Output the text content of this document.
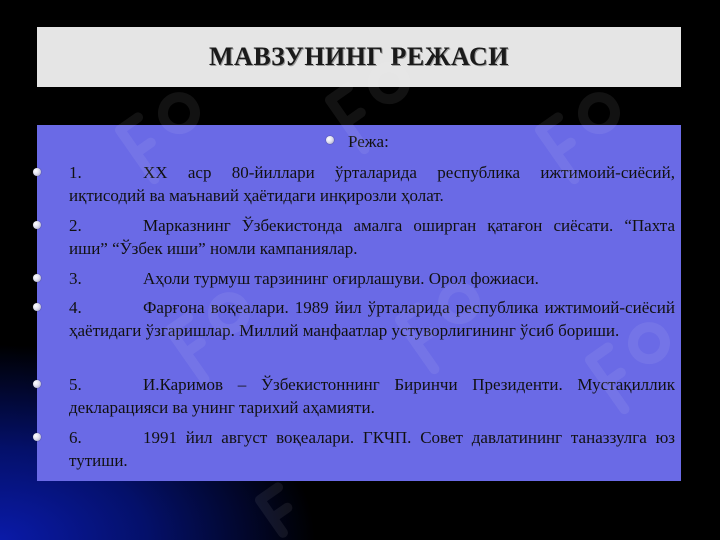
МАВЗУНИНГ РЕЖАСИ
Режа:
1.	ХХ аср 80-йиллари ўрталарида республика ижтимоий-сиёсий, иқтисодий ва маънавий ҳаётидаги инқирозли ҳолат.
2.	Марказнинг Ўзбекистонда амалга оширган қатағон сиёсати. “Пахта иши” “Ўзбек иши” номли кампаниялар.
3.	Аҳоли турмуш тарзининг оғирлашуви. Орол фожиаси.
4.	Фарғона воқеалари. 1989 йил ўрталарида республика ижтимоий-сиёсий ҳаётидаги ўзгаришлар. Миллий манфаатлар устуворлигининг ўсиб бориши.
5.	И.Каримов – Ўзбекистоннинг Биринчи Президенти. Мустақиллик декларацияси ва унинг тарихий аҳамияти.
6.	1991 йил август воқеалари. ГКЧП. Совет давлатининг таназзулга юз тутиши.
